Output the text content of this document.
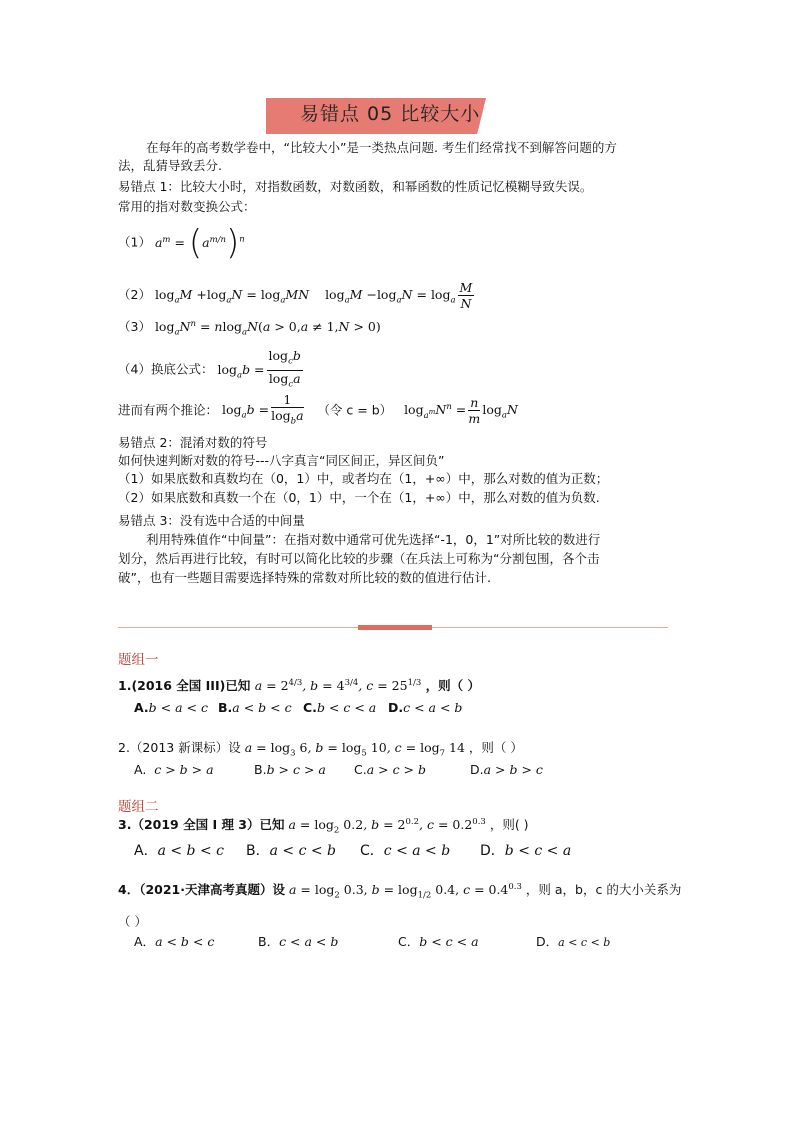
易错点 05 比较大小
在每年的高考数学卷中，“比较大小”是一类热点问题. 考生们经常找不到解答问题的方
法，乱猜导致丢分.
易错点 1：比较大小时，对指数函数，对数函数，和幂函数的性质记忆模糊导致失误。
常用的指对数变换公式：
（1） $a^m = (a^{m/n})^n$
（2） $\log_aM +\log_aN = \log_aMN$    $\log_aM -\log_aN = \log_a \frac{M}{N}$
（3） $\log_aN^n = nlog_aN(a > 0,a \ne 1,N > 0)$
（4）换底公式： $\log_ab = \frac{\log_cb}{\log_ca}$
进而有两个推论： $\log_ab = \frac{1}{\log_ba}$ （令 c = b） $\log_{a^m}N^n = \frac{n}{m} \log_aN$
易错点 2：混淆对数的符号
如何快速判断对数的符号---八字真言“同区间正，异区间负”
（1）如果底数和真数均在（0，1）中，或者均在（1，+∞）中，那么对数的值为正数；
（2）如果底数和真数一个在（0，1）中，一个在（1，+∞）中，那么对数的值为负数.
易错点 3：没有选中合适的中间量
利用特殊值作“中间量”：在指对数中通常可优先选择“-1，0，1”对所比较的数进行
划分，然后再进行比较，有时可以简化比较的步骤（在兵法上可称为“分割包围，各个击
破”，也有一些题目需要选择特殊的常数对所比较的数的值进行估计.
题组一
1.(2016 全国 III)已知 $a = 2^{4/3}$, $b = 4^{3/4}$, $c = 25^{1/3}$ ，则（ ）
A.b < a < c B.a < b < c C.b < c < a D.c < a < b
2.（2013 新课标）设 $a = \log_3 6$, $b = \log_5 10$, $c = \log_7 14$ ，则（ ）
A. c > b > a	B.b > c > a C.a > c > b	D.a > b > c
题组二
3.（2019 全国 I 理 3）已知 $a = \log_2 0.2$, $b = 2^{0.2}$, $c = 0.2^{0.3}$ ，则( )
A．a < b < c B．a < c < b C．c < a < b D．b < c < a
4．（2021·天津高考真题）设 $a = \log_2 0.3$, $b = \log_{1/2} 0.4$, $c = 0.4^{0.3}$ ，则 a，b，c 的大小关系为
（ ）
A．a < b < c	B．c < a < b	C．b < c < a	D．a < c < b
